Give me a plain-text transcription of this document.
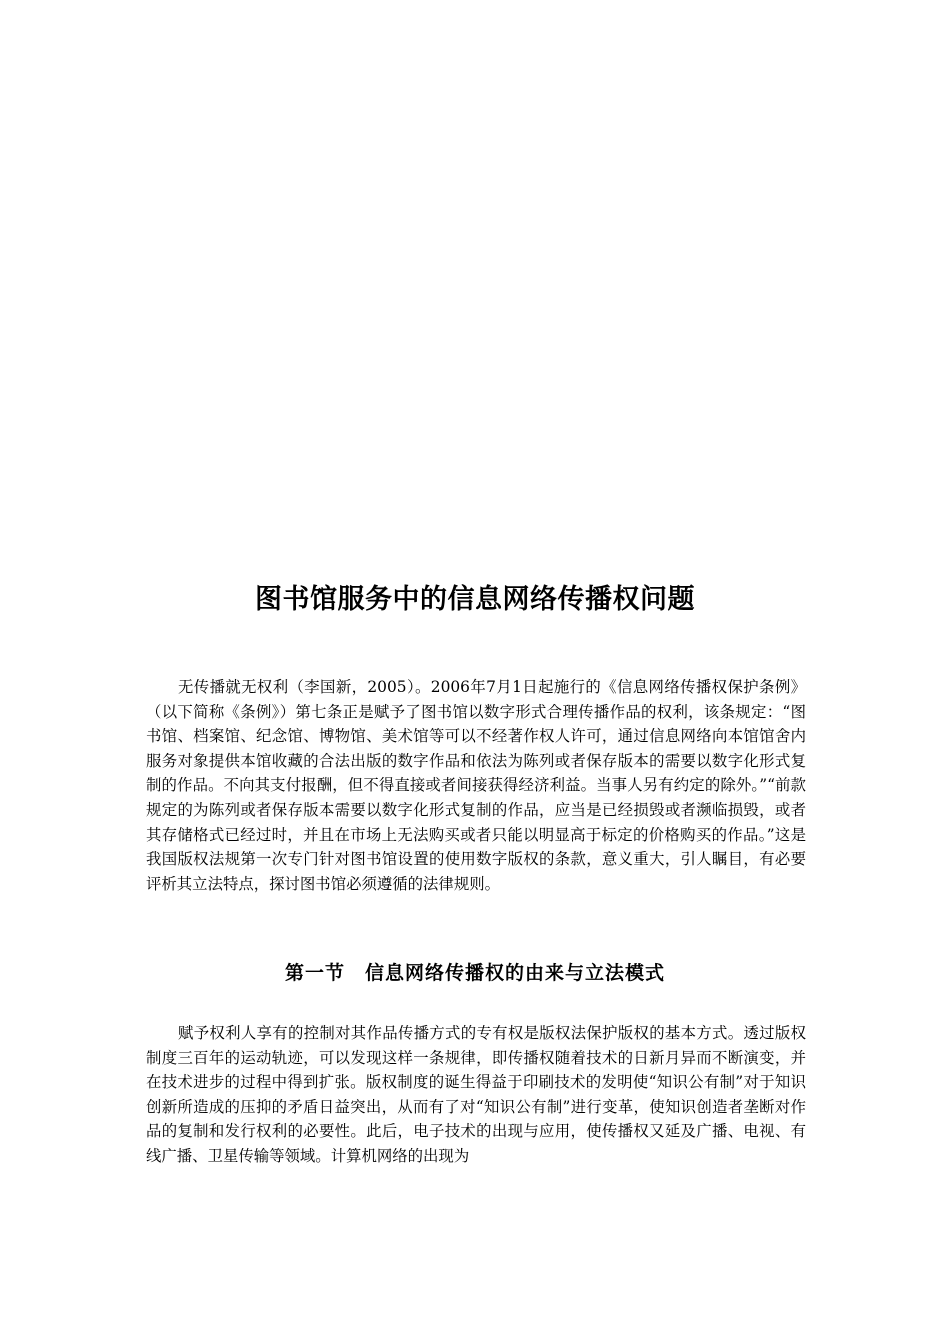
图书馆服务中的信息网络传播权问题

无传播就无权利（李国新，2005）。2006年7月1日起施行的《信息网络传播权保护条例》（以下简称《条例》）第七条正是赋予了图书馆以数字形式合理传播作品的权利，该条规定：“图书馆、档案馆、纪念馆、博物馆、美术馆等可以不经著作权人许可，通过信息网络向本馆馆舍内服务对象提供本馆收藏的合法出版的数字作品和依法为陈列或者保存版本的需要以数字化形式复制的作品。不向其支付报酬，但不得直接或者间接获得经济利益。当事人另有约定的除外。”“前款规定的为陈列或者保存版本需要以数字化形式复制的作品，应当是已经损毁或者濒临损毁，或者其存储格式已经过时，并且在市场上无法购买或者只能以明显高于标定的价格购买的作品。”这是我国版权法规第一次专门针对图书馆设置的使用数字版权的条款，意义重大，引人瞩目，有必要评析其立法特点，探讨图书馆必须遵循的法律规则。

第一节　信息网络传播权的由来与立法模式

赋予权利人享有的控制对其作品传播方式的专有权是版权法保护版权的基本方式。透过版权制度三百年的运动轨迹，可以发现这样一条规律，即传播权随着技术的日新月异而不断演变，并在技术进步的过程中得到扩张。版权制度的诞生得益于印刷技术的发明使“知识公有制”对于知识创新所造成的压抑的矛盾日益突出，从而有了对“知识公有制”进行变革，使知识创造者垄断对作品的复制和发行权利的必要性。此后，电子技术的出现与应用，使传播权又延及广播、电视、有线广播、卫星传输等领域。计算机网络的出现为
